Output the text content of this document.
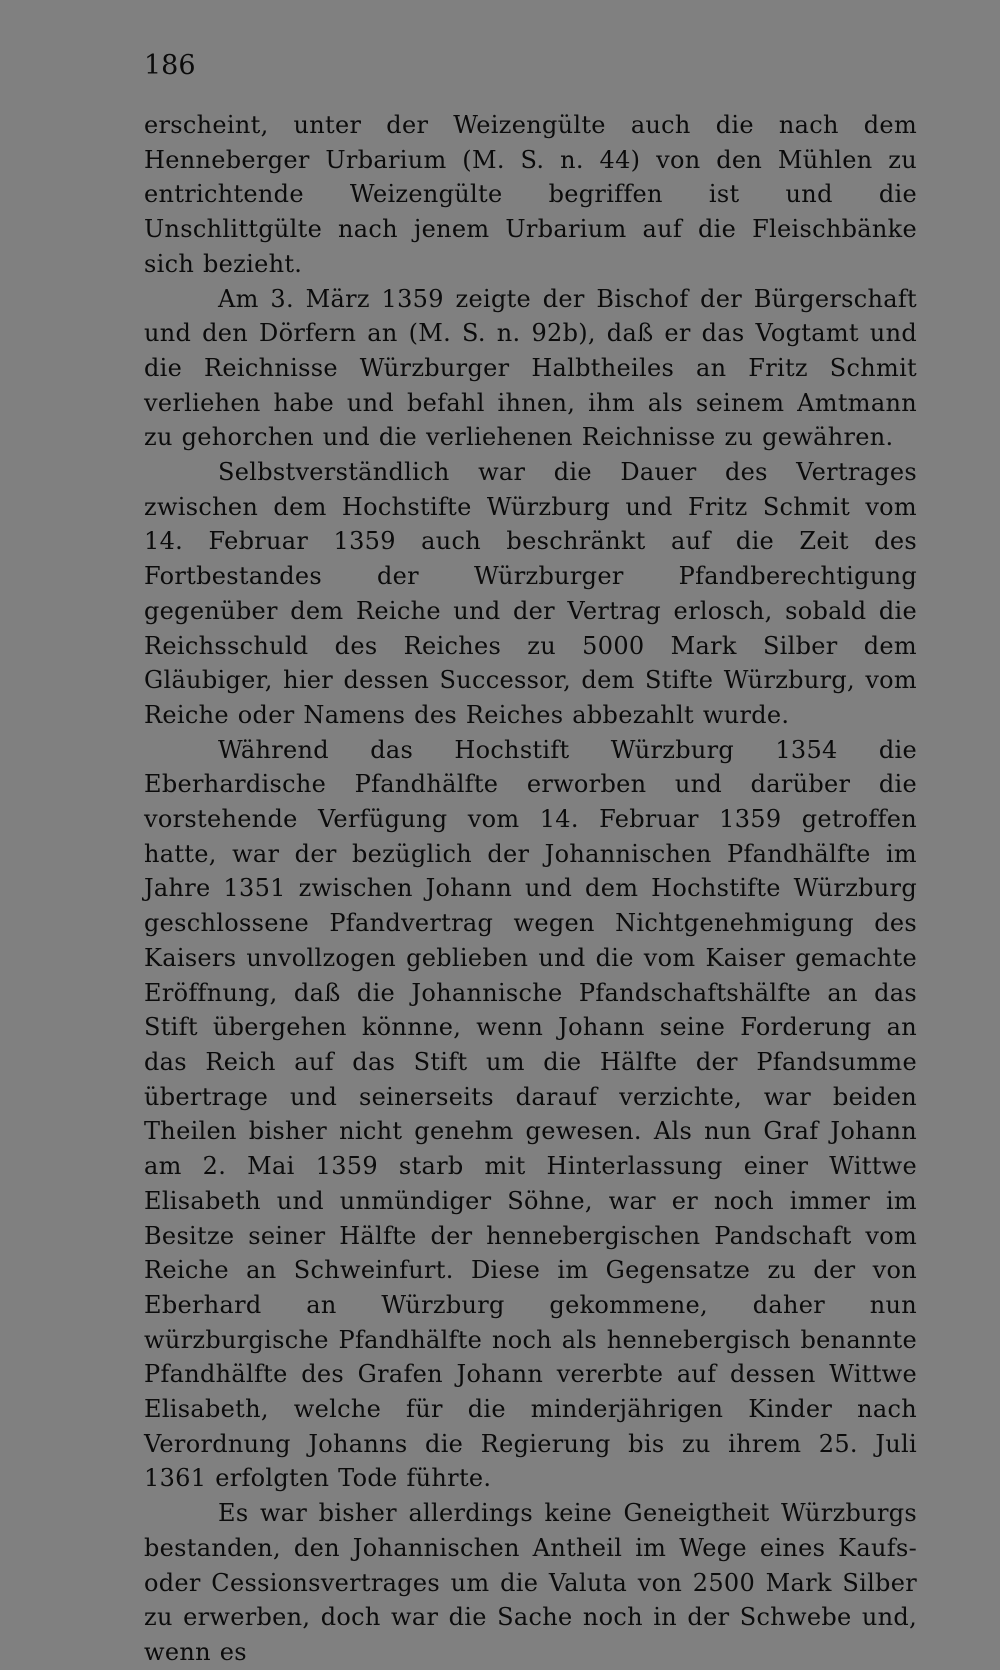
186

erscheint, unter der Weizengülte auch die nach dem Henneberger Urbarium (M. S. n. 44) von den Mühlen zu entrichtende Weizengülte begriffen ist und die Unschlittgülte nach jenem Urbarium auf die Fleischbänke sich bezieht.

Am 3. März 1359 zeigte der Bischof der Bürgerschaft und den Dörfern an (M. S. n. 92b), daß er das Vogtamt und die Reichnisse Würzburger Halbtheiles an Fritz Schmit verliehen habe und befahl ihnen, ihm als seinem Amtmann zu gehorchen und die verliehenen Reichnisse zu gewähren.

Selbstverständlich war die Dauer des Vertrages zwischen dem Hochstifte Würzburg und Fritz Schmit vom 14. Februar 1359 auch beschränkt auf die Zeit des Fortbestandes der Würzburger Pfandberechtigung gegenüber dem Reiche und der Vertrag erlosch, sobald die Reichsschuld des Reiches zu 5000 Mark Silber dem Gläubiger, hier dessen Successor, dem Stifte Würzburg, vom Reiche oder Namens des Reiches abbezahlt wurde.

Während das Hochstift Würzburg 1354 die Eberhardische Pfandhälfte erworben und darüber die vorstehende Verfügung vom 14. Februar 1359 getroffen hatte, war der bezüglich der Johannischen Pfandhälfte im Jahre 1351 zwischen Johann und dem Hochstifte Würzburg geschlossene Pfandvertrag wegen Nichtgenehmigung des Kaisers unvollzogen geblieben und die vom Kaiser gemachte Eröffnung, daß die Johannische Pfandschaftshälfte an das Stift übergehen könnne, wenn Johann seine Forderung an das Reich auf das Stift um die Hälfte der Pfandsumme übertrage und seinerseits darauf verzichte, war beiden Theilen bisher nicht genehm gewesen. Als nun Graf Johann am 2. Mai 1359 starb mit Hinterlassung einer Wittwe Elisabeth und unmündiger Söhne, war er noch immer im Besitze seiner Hälfte der hennebergischen Pandschaft vom Reiche an Schweinfurt. Diese im Gegensatze zu der von Eberhard an Würzburg gekommene, daher nun würzburgische Pfandhälfte noch als hennebergisch benannte Pfandhälfte des Grafen Johann vererbte auf dessen Wittwe Elisabeth, welche für die minderjährigen Kinder nach Verordnung Johanns die Regierung bis zu ihrem 25. Juli 1361 erfolgten Tode führte.

Es war bisher allerdings keine Geneigtheit Würzburgs bestanden, den Johannischen Antheil im Wege eines Kaufs- oder Cessionsvertrages um die Valuta von 2500 Mark Silber zu erwerben, doch war die Sache noch in der Schwebe und, wenn es
